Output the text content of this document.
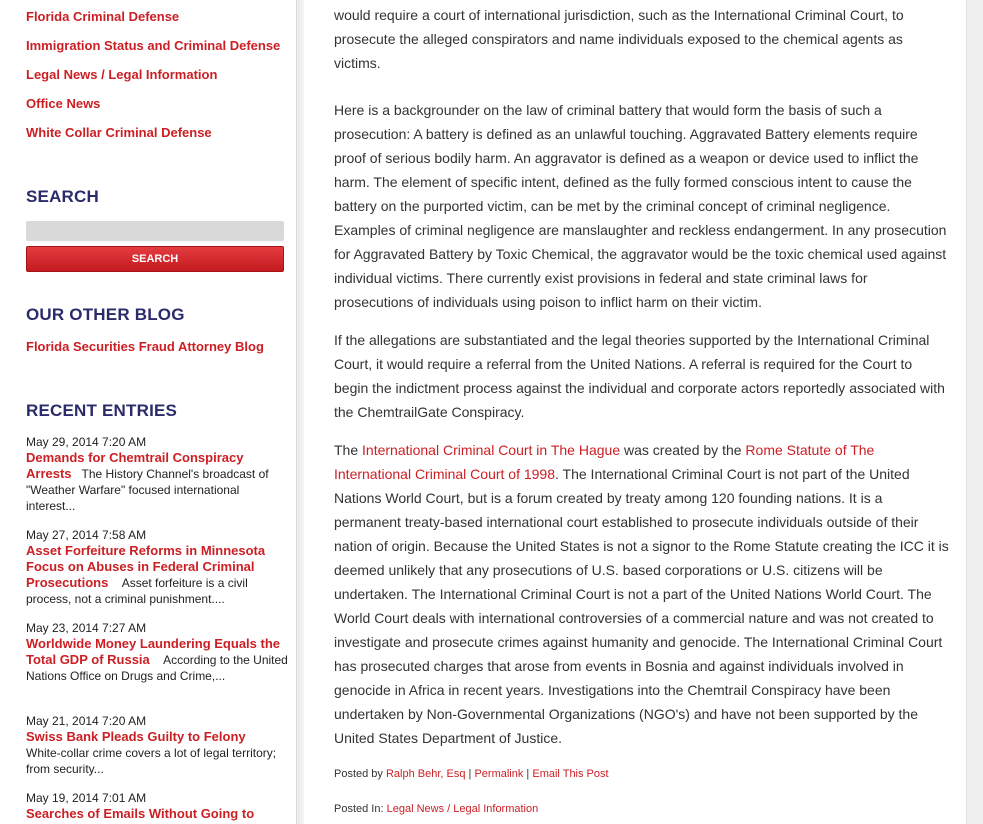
Florida Criminal Defense
Immigration Status and Criminal Defense
Legal News / Legal Information
Office News
White Collar Criminal Defense
SEARCH
SEARCH
OUR OTHER BLOG
Florida Securities Fraud Attorney Blog
RECENT ENTRIES
May 29, 2014 7:20 AM
Demands for Chemtrail Conspiracy Arrests The History Channel's broadcast of "Weather Warfare" focused international interest...
May 27, 2014 7:58 AM
Asset Forfeiture Reforms in Minnesota Focus on Abuses in Federal Criminal Prosecutions Asset forfeiture is a civil process, not a criminal punishment....
May 23, 2014 7:27 AM
Worldwide Money Laundering Equals the Total GDP of Russia According to the United Nations Office on Drugs and Crime,...
May 21, 2014 7:20 AM
Swiss Bank Pleads Guilty to Felony
White-collar crime covers a lot of legal territory; from security...
May 19, 2014 7:01 AM
Searches of Emails Without Going to

would require a court of international jurisdiction, such as the International Criminal Court, to prosecute the alleged conspirators and name individuals exposed to the chemical agents as victims.

Here is a backgrounder on the law of criminal battery that would form the basis of such a prosecution: A battery is defined as an unlawful touching. Aggravated Battery elements require proof of serious bodily harm. An aggravator is defined as a weapon or device used to inflict the harm. The element of specific intent, defined as the fully formed conscious intent to cause the battery on the purported victim, can be met by the criminal concept of criminal negligence. Examples of criminal negligence are manslaughter and reckless endangerment. In any prosecution for Aggravated Battery by Toxic Chemical, the aggravator would be the toxic chemical used against individual victims. There currently exist provisions in federal and state criminal laws for prosecutions of individuals using poison to inflict harm on their victim.

If the allegations are substantiated and the legal theories supported by the International Criminal Court, it would require a referral from the United Nations. A referral is required for the Court to begin the indictment process against the individual and corporate actors reportedly associated with the ChemtrailGate Conspiracy.

The International Criminal Court in The Hague was created by the Rome Statute of The International Criminal Court of 1998. The International Criminal Court is not part of the United Nations World Court, but is a forum created by treaty among 120 founding nations. It is a permanent treaty-based international court established to prosecute individuals outside of their nation of origin. Because the United States is not a signor to the Rome Statute creating the ICC it is deemed unlikely that any prosecutions of U.S. based corporations or U.S. citizens will be undertaken. The International Criminal Court is not a part of the United Nations World Court. The World Court deals with international controversies of a commercial nature and was not created to investigate and prosecute crimes against humanity and genocide. The International Criminal Court has prosecuted charges that arose from events in Bosnia and against individuals involved in genocide in Africa in recent years. Investigations into the Chemtrail Conspiracy have been undertaken by Non-Governmental Organizations (NGO's) and have not been supported by the United States Department of Justice.

Posted by Ralph Behr, Esq | Permalink | Email This Post
Posted In: Legal News / Legal Information
